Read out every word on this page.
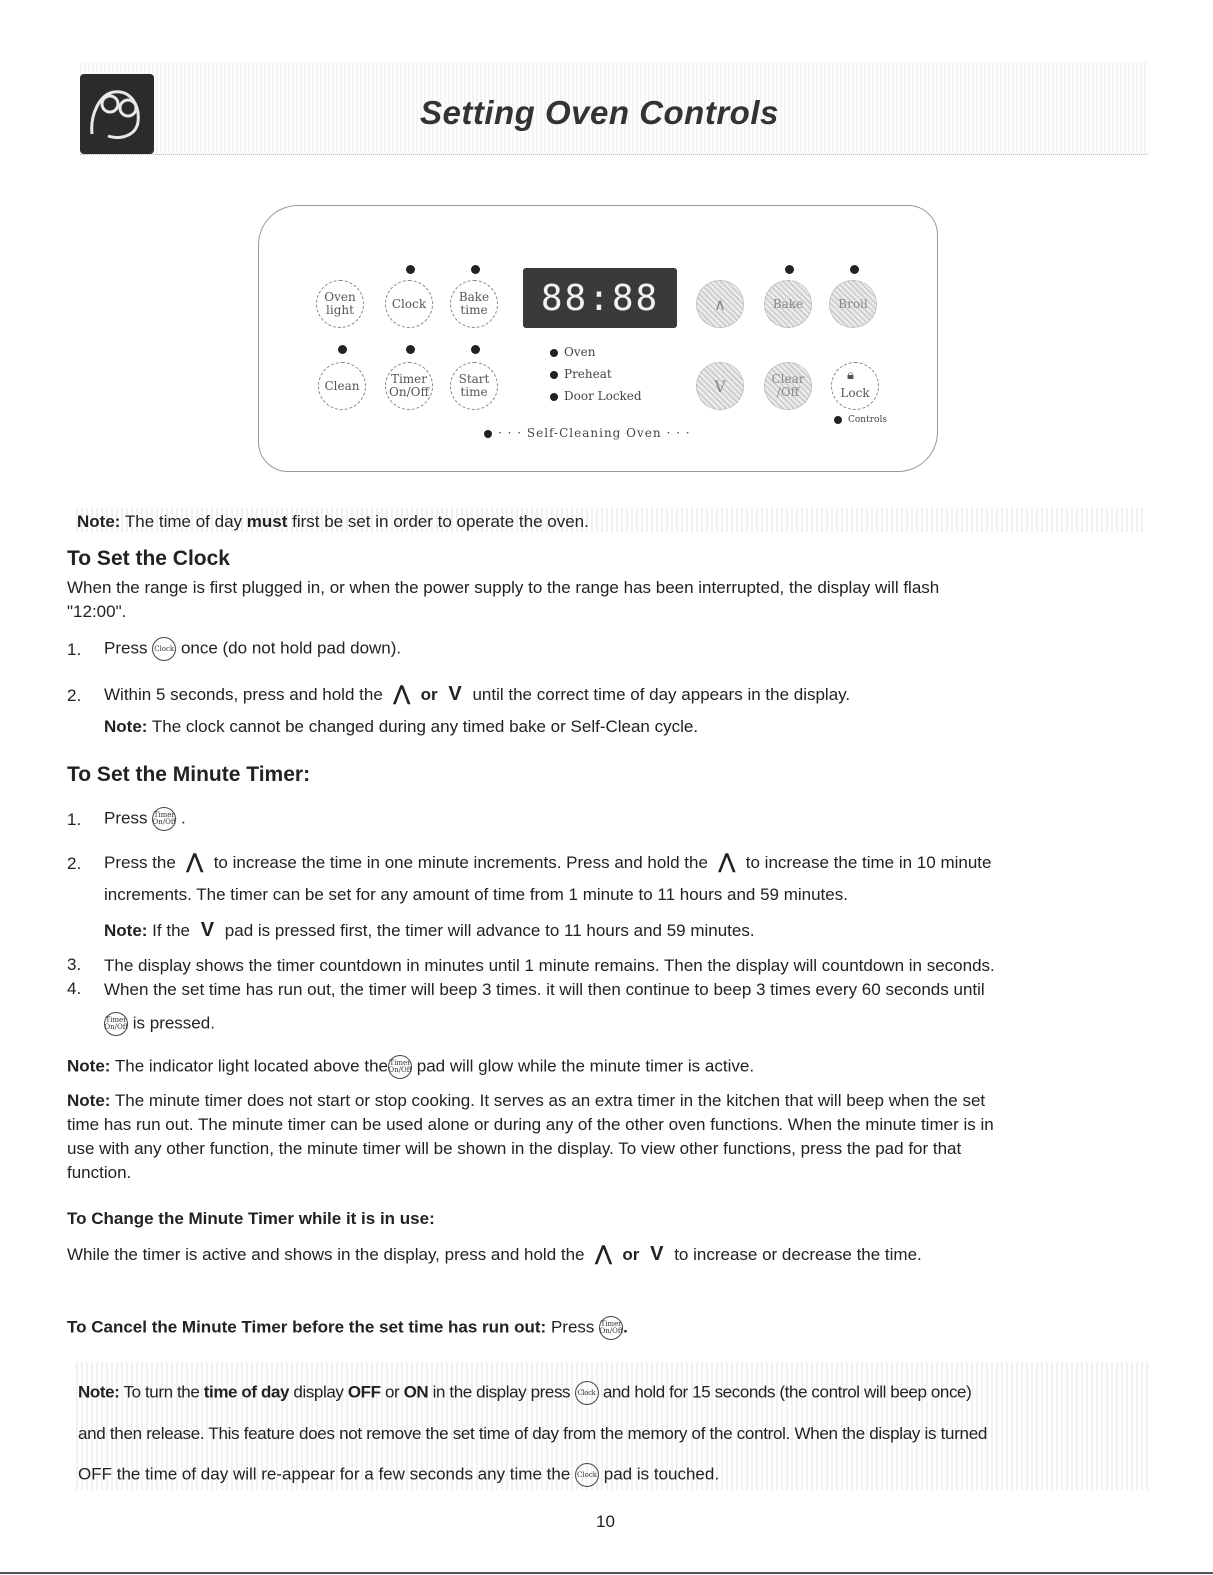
Setting Oven Controls
Oven
light	Clock	Bake
time
Clean	Timer
On/Off
Start
time
88:88
Oven
Preheat
Door Locked
· · · Self-Cleaning Oven · · ·
∧	Bake	Broil
V	Clear
/Off	Lock
🔒︎
Controls
Note: The time of day must first be set in order to operate the oven.
To Set the Clock
When the range is first plugged in, or when the power supply to the range has been interrupted, the display will flash
"12:00".
1. Press Clock once (do not hold pad down).
2. Within 5 seconds, press and hold the ⋀ or V until the correct time of day appears in the display.
Note: The clock cannot be changed during any timed bake or Self-Clean cycle.
To Set the Minute Timer:
1. Press Timer
On/Off .
2. Press the ⋀ to increase the time in one minute increments. Press and hold the ⋀ to increase the time in 10 minute
increments. The timer can be set for any amount of time from 1 minute to 11 hours and 59 minutes.
Note: If the V pad is pressed first, the timer will advance to 11 hours and 59 minutes.
3. The display shows the timer countdown in minutes until 1 minute remains. Then the display will countdown in seconds.
4. When the set time has run out, the timer will beep 3 times. it will then continue to beep 3 times every 60 seconds until
Timer
On/Off is pressed.
Note: The indicator light located above theTimer
On/Off pad will glow while the minute timer is active.
Note: The minute timer does not start or stop cooking. It serves as an extra timer in the kitchen that will beep when the set
time has run out. The minute timer can be used alone or during any of the other oven functions. When the minute timer is in
use with any other function, the minute timer will be shown in the display. To view other functions, press the pad for that
function.
To Change the Minute Timer while it is in use:
While the timer is active and shows in the display, press and hold the ⋀ or V to increase or decrease the time.
To Cancel the Minute Timer before the set time has run out: Press Timer
On/Off.
Note: To turn the time of day display OFF or ON in the display press Clock and hold for 15 seconds (the control will beep once)
and then release. This feature does not remove the set time of day from the memory of the control. When the display is turned
OFF the time of day will re-appear for a few seconds any time the Clock pad is touched.
10
